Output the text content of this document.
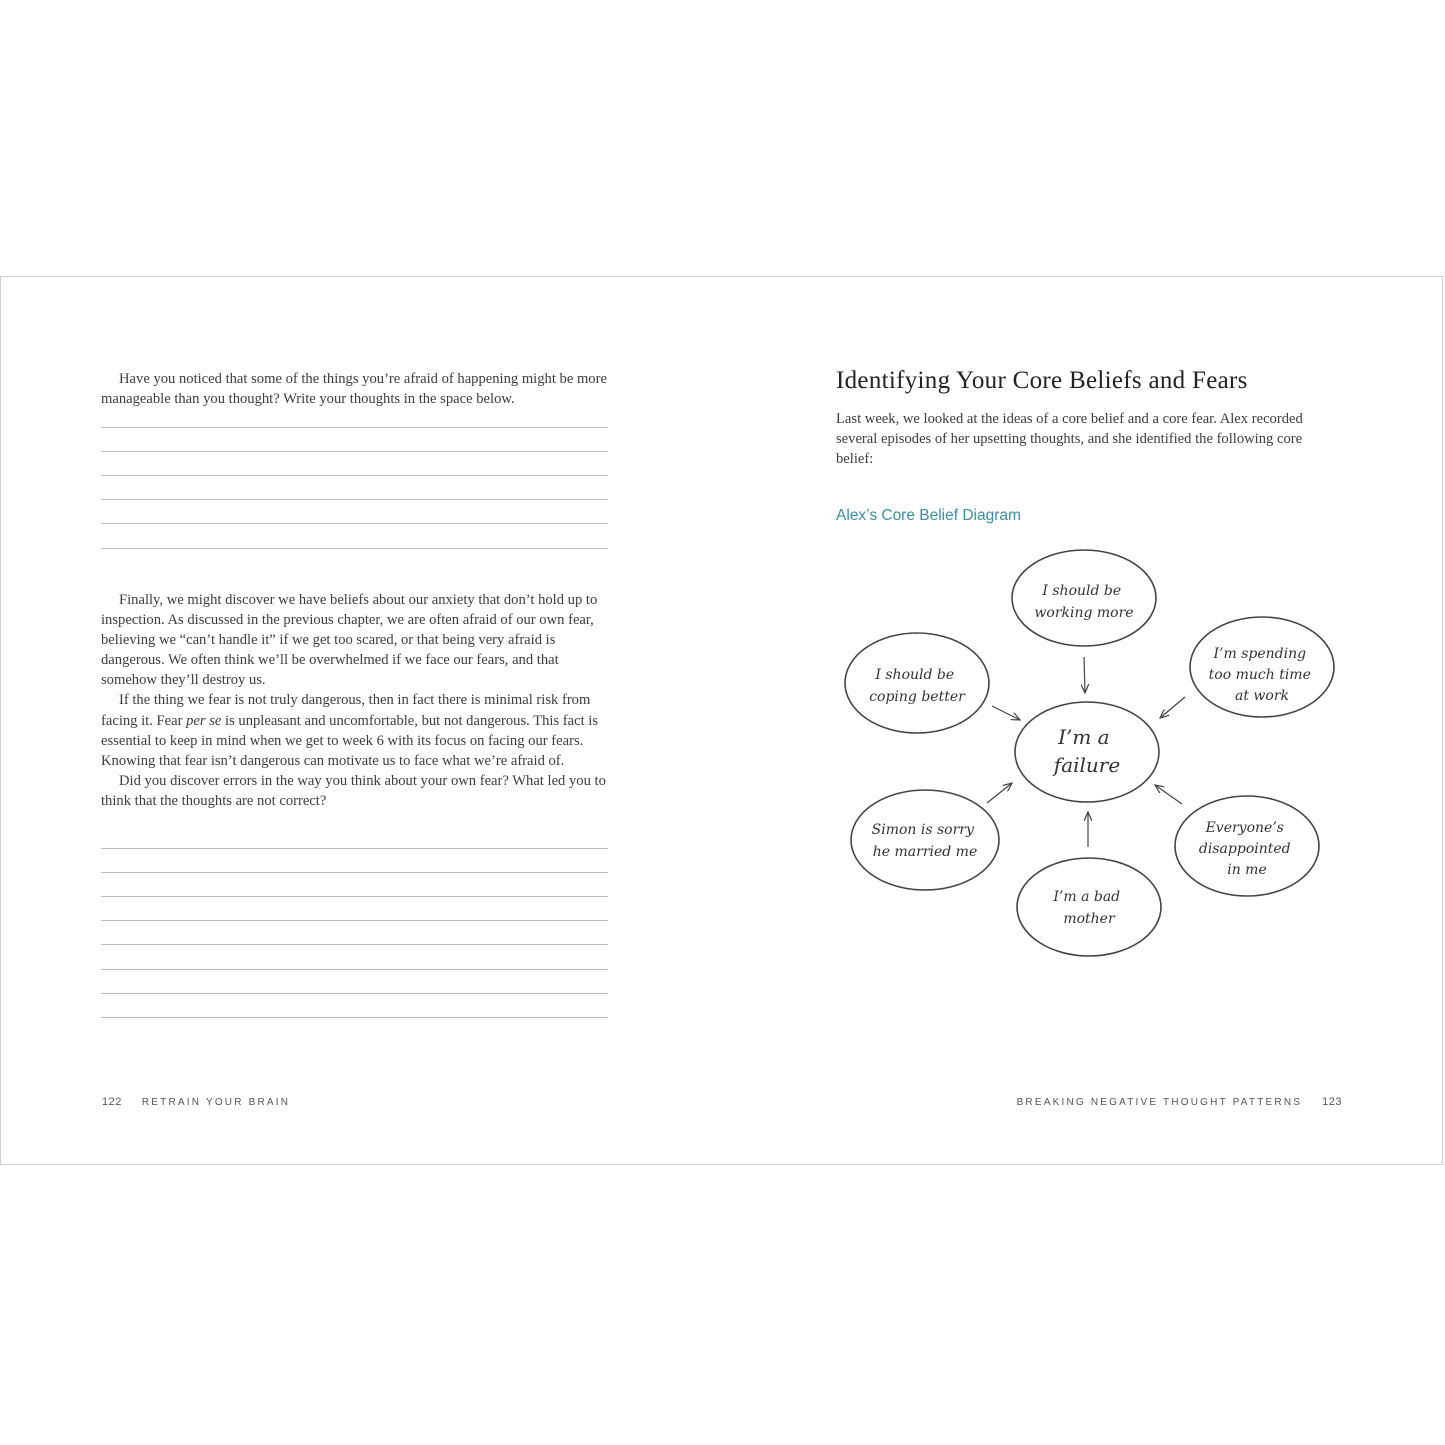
Have you noticed that some of the things you’re afraid of happening might be more manageable than you thought? Write your thoughts in the space below.

Finally, we might discover we have beliefs about our anxiety that don’t hold up to inspection. As discussed in the previous chapter, we are often afraid of our own fear, believing we “can’t handle it” if we get too scared, or that being very afraid is dangerous. We often think we’ll be overwhelmed if we face our fears, and that somehow they’ll destroy us.
If the thing we fear is not truly dangerous, then in fact there is minimal risk from facing it. Fear per se is unpleasant and uncomfortable, but not dangerous. This fact is essential to keep in mind when we get to week 6 with its focus on facing our fears. Knowing that fear isn’t dangerous can motivate us to face what we’re afraid of.
Did you discover errors in the way you think about your own fear? What led you to think that the thoughts are not correct?

122 RETRAIN YOUR BRAIN
Identifying Your Core Beliefs and Fears

Last week, we looked at the ideas of a core belief and a core fear. Alex recorded several episodes of her upsetting thoughts, and she identified the following core belief:

Alex’s Core Belief Diagram
I’m a failure
I should be working more
I’m spending too much time at work
Everyone’s disappointed in me
I’m a bad mother
Simon is sorry he married me
I should be coping better
BREAKING NEGATIVE THOUGHT PATTERNS 123
